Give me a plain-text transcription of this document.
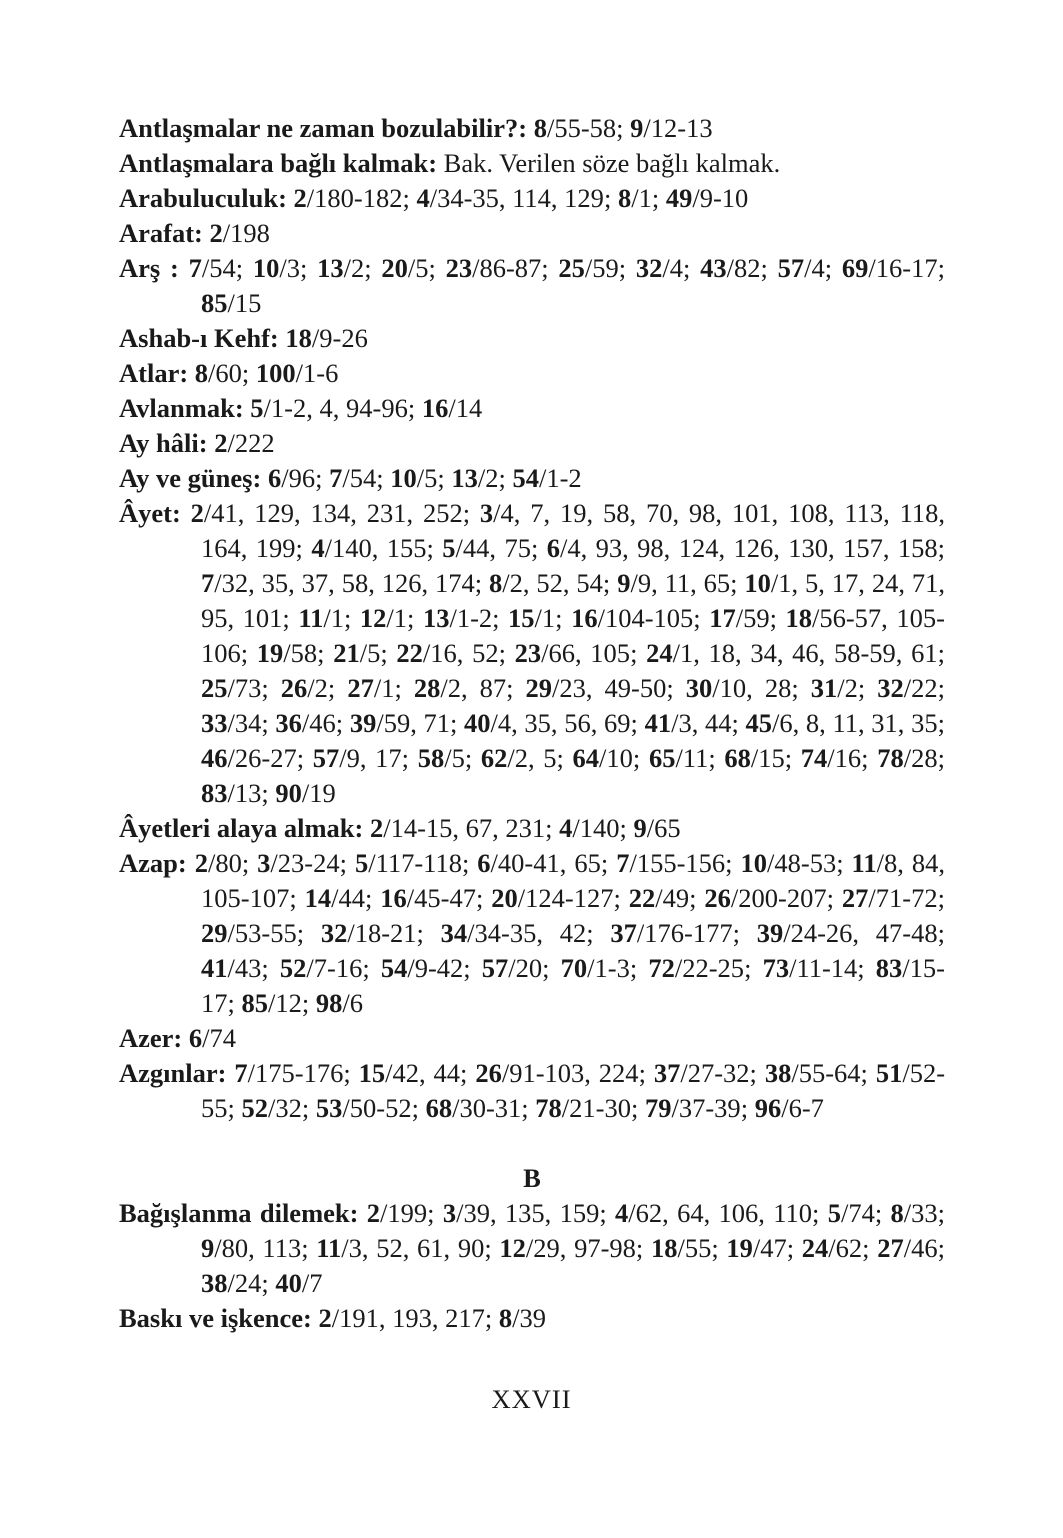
Antlaşmalar ne zaman bozulabilir?: 8/55-58; 9/12-13
Antlaşmalara bağlı kalmak: Bak. Verilen söze bağlı kalmak.
Arabuluculuk: 2/180-182; 4/34-35, 114, 129; 8/1; 49/9-10
Arafat: 2/198
Arş : 7/54; 10/3; 13/2; 20/5; 23/86-87; 25/59; 32/4; 43/82; 57/4; 69/16-17; 85/15
Ashab-ı Kehf: 18/9-26
Atlar: 8/60; 100/1-6
Avlanmak: 5/1-2, 4, 94-96; 16/14
Ay hâli: 2/222
Ay ve güneş: 6/96; 7/54; 10/5; 13/2; 54/1-2
Âyet: 2/41, 129, 134, 231, 252; 3/4, 7, 19, 58, 70, 98, 101, 108, 113, 118, 164, 199; 4/140, 155; 5/44, 75; 6/4, 93, 98, 124, 126, 130, 157, 158; 7/32, 35, 37, 58, 126, 174; 8/2, 52, 54; 9/9, 11, 65; 10/1, 5, 17, 24, 71, 95, 101; 11/1; 12/1; 13/1-2; 15/1; 16/104-105; 17/59; 18/56-57, 105-106; 19/58; 21/5; 22/16, 52; 23/66, 105; 24/1, 18, 34, 46, 58-59, 61; 25/73; 26/2; 27/1; 28/2, 87; 29/23, 49-50; 30/10, 28; 31/2; 32/22; 33/34; 36/46; 39/59, 71; 40/4, 35, 56, 69; 41/3, 44; 45/6, 8, 11, 31, 35; 46/26-27; 57/9, 17; 58/5; 62/2, 5; 64/10; 65/11; 68/15; 74/16; 78/28; 83/13; 90/19
Âyetleri alaya almak: 2/14-15, 67, 231; 4/140; 9/65
Azap: 2/80; 3/23-24; 5/117-118; 6/40-41, 65; 7/155-156; 10/48-53; 11/8, 84, 105-107; 14/44; 16/45-47; 20/124-127; 22/49; 26/200-207; 27/71-72; 29/53-55; 32/18-21; 34/34-35, 42; 37/176-177; 39/24-26, 47-48; 41/43; 52/7-16; 54/9-42; 57/20; 70/1-3; 72/22-25; 73/11-14; 83/15-17; 85/12; 98/6
Azer: 6/74
Azgınlar: 7/175-176; 15/42, 44; 26/91-103, 224; 37/27-32; 38/55-64; 51/52-55; 52/32; 53/50-52; 68/30-31; 78/21-30; 79/37-39; 96/6-7
B
Bağışlanma dilemek: 2/199; 3/39, 135, 159; 4/62, 64, 106, 110; 5/74; 8/33; 9/80, 113; 11/3, 52, 61, 90; 12/29, 97-98; 18/55; 19/47; 24/62; 27/46; 38/24; 40/7
Baskı ve işkence: 2/191, 193, 217; 8/39
XXVII
